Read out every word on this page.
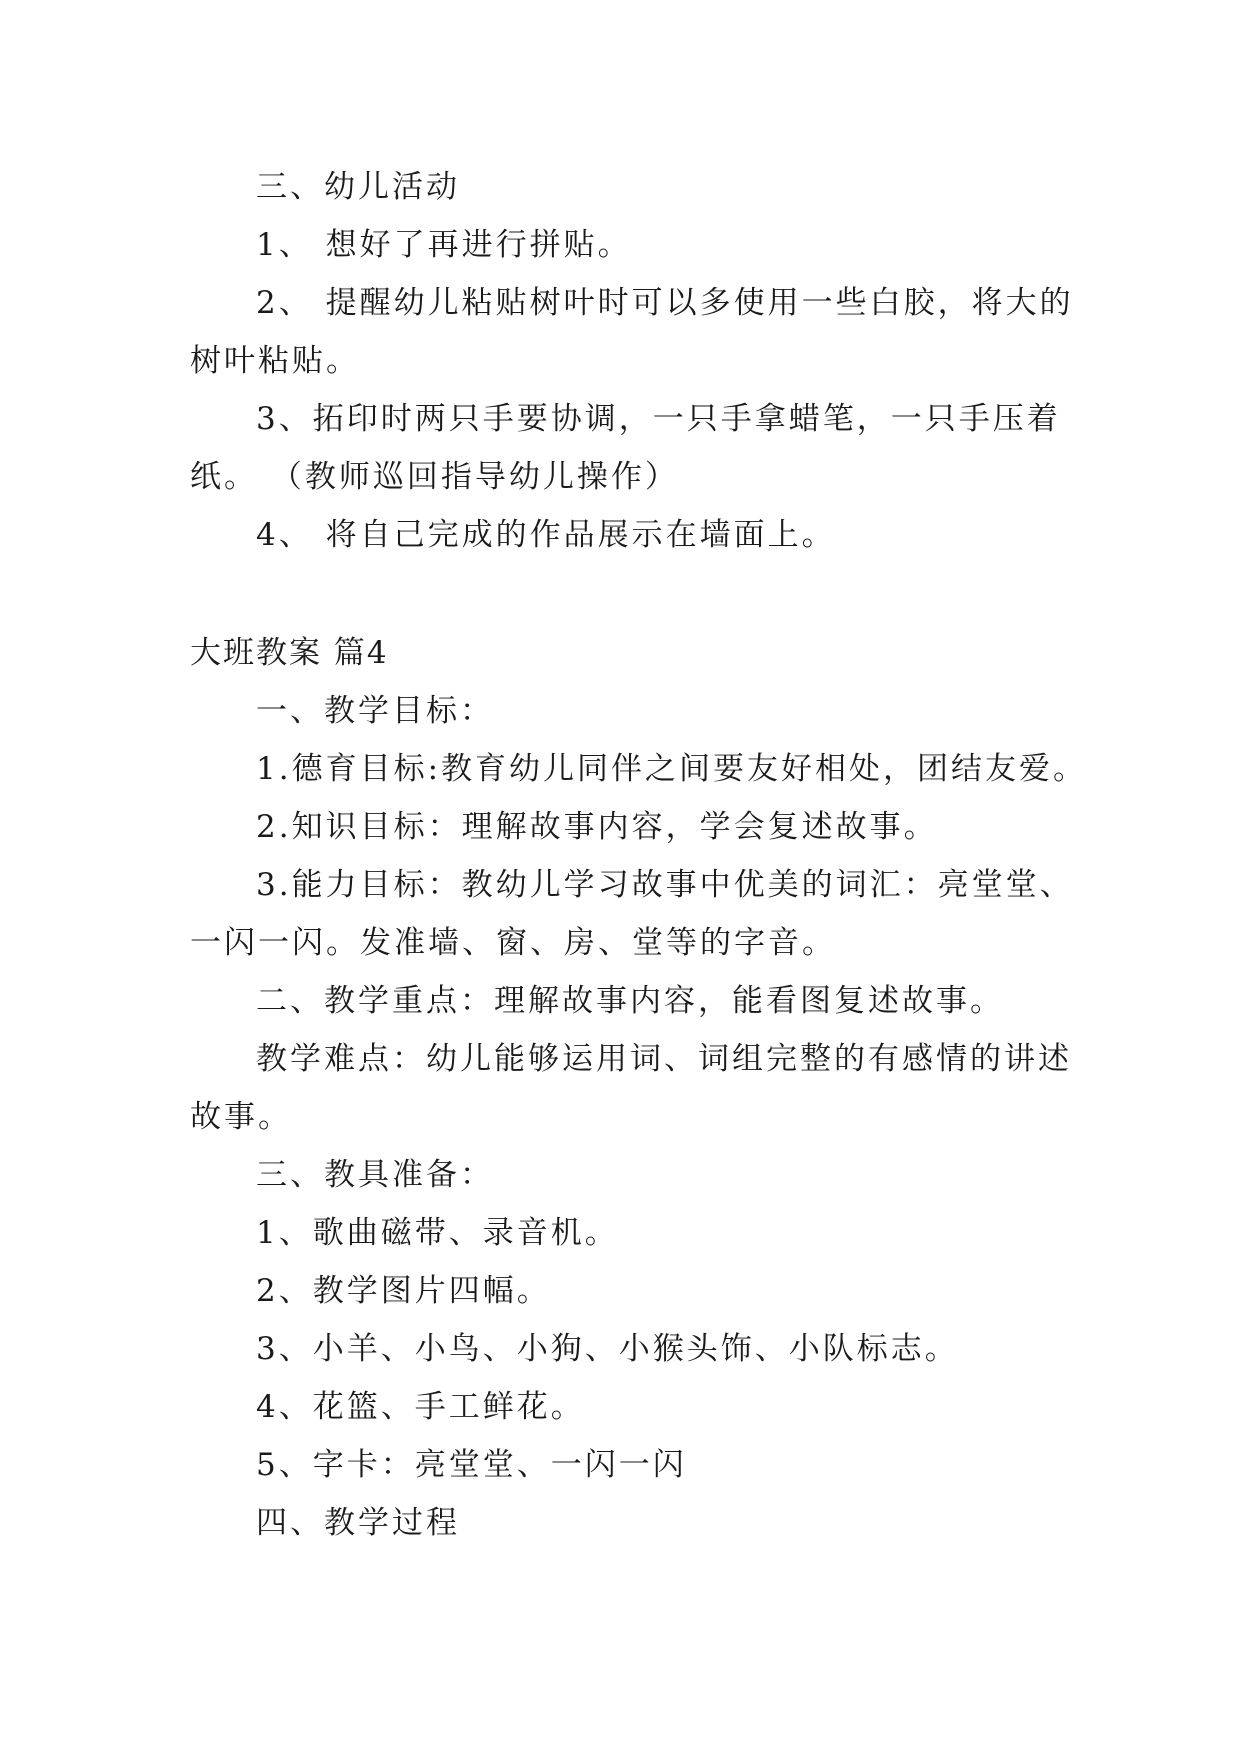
三、幼儿活动
1、 想好了再进行拼贴。
2、 提醒幼儿粘贴树叶时可以多使用一些白胶，将大的
树叶粘贴。
3、拓印时两只手要协调，一只手拿蜡笔，一只手压着
纸。 （教师巡回指导幼儿操作）
4、 将自己完成的作品展示在墙面上。
大班教案 篇4
一、教学目标：
1.德育目标:教育幼儿同伴之间要友好相处，团结友爱。
2.知识目标：理解故事内容，学会复述故事。
3.能力目标：教幼儿学习故事中优美的词汇：亮堂堂、
一闪一闪。发准墙、窗、房、堂等的字音。
二、教学重点：理解故事内容，能看图复述故事。
教学难点：幼儿能够运用词、词组完整的有感情的讲述
故事。
三、教具准备：
1、歌曲磁带、录音机。
2、教学图片四幅。
3、小羊、小鸟、小狗、小猴头饰、小队标志。
4、花篮、手工鲜花。
5、字卡：亮堂堂、一闪一闪
四、教学过程
